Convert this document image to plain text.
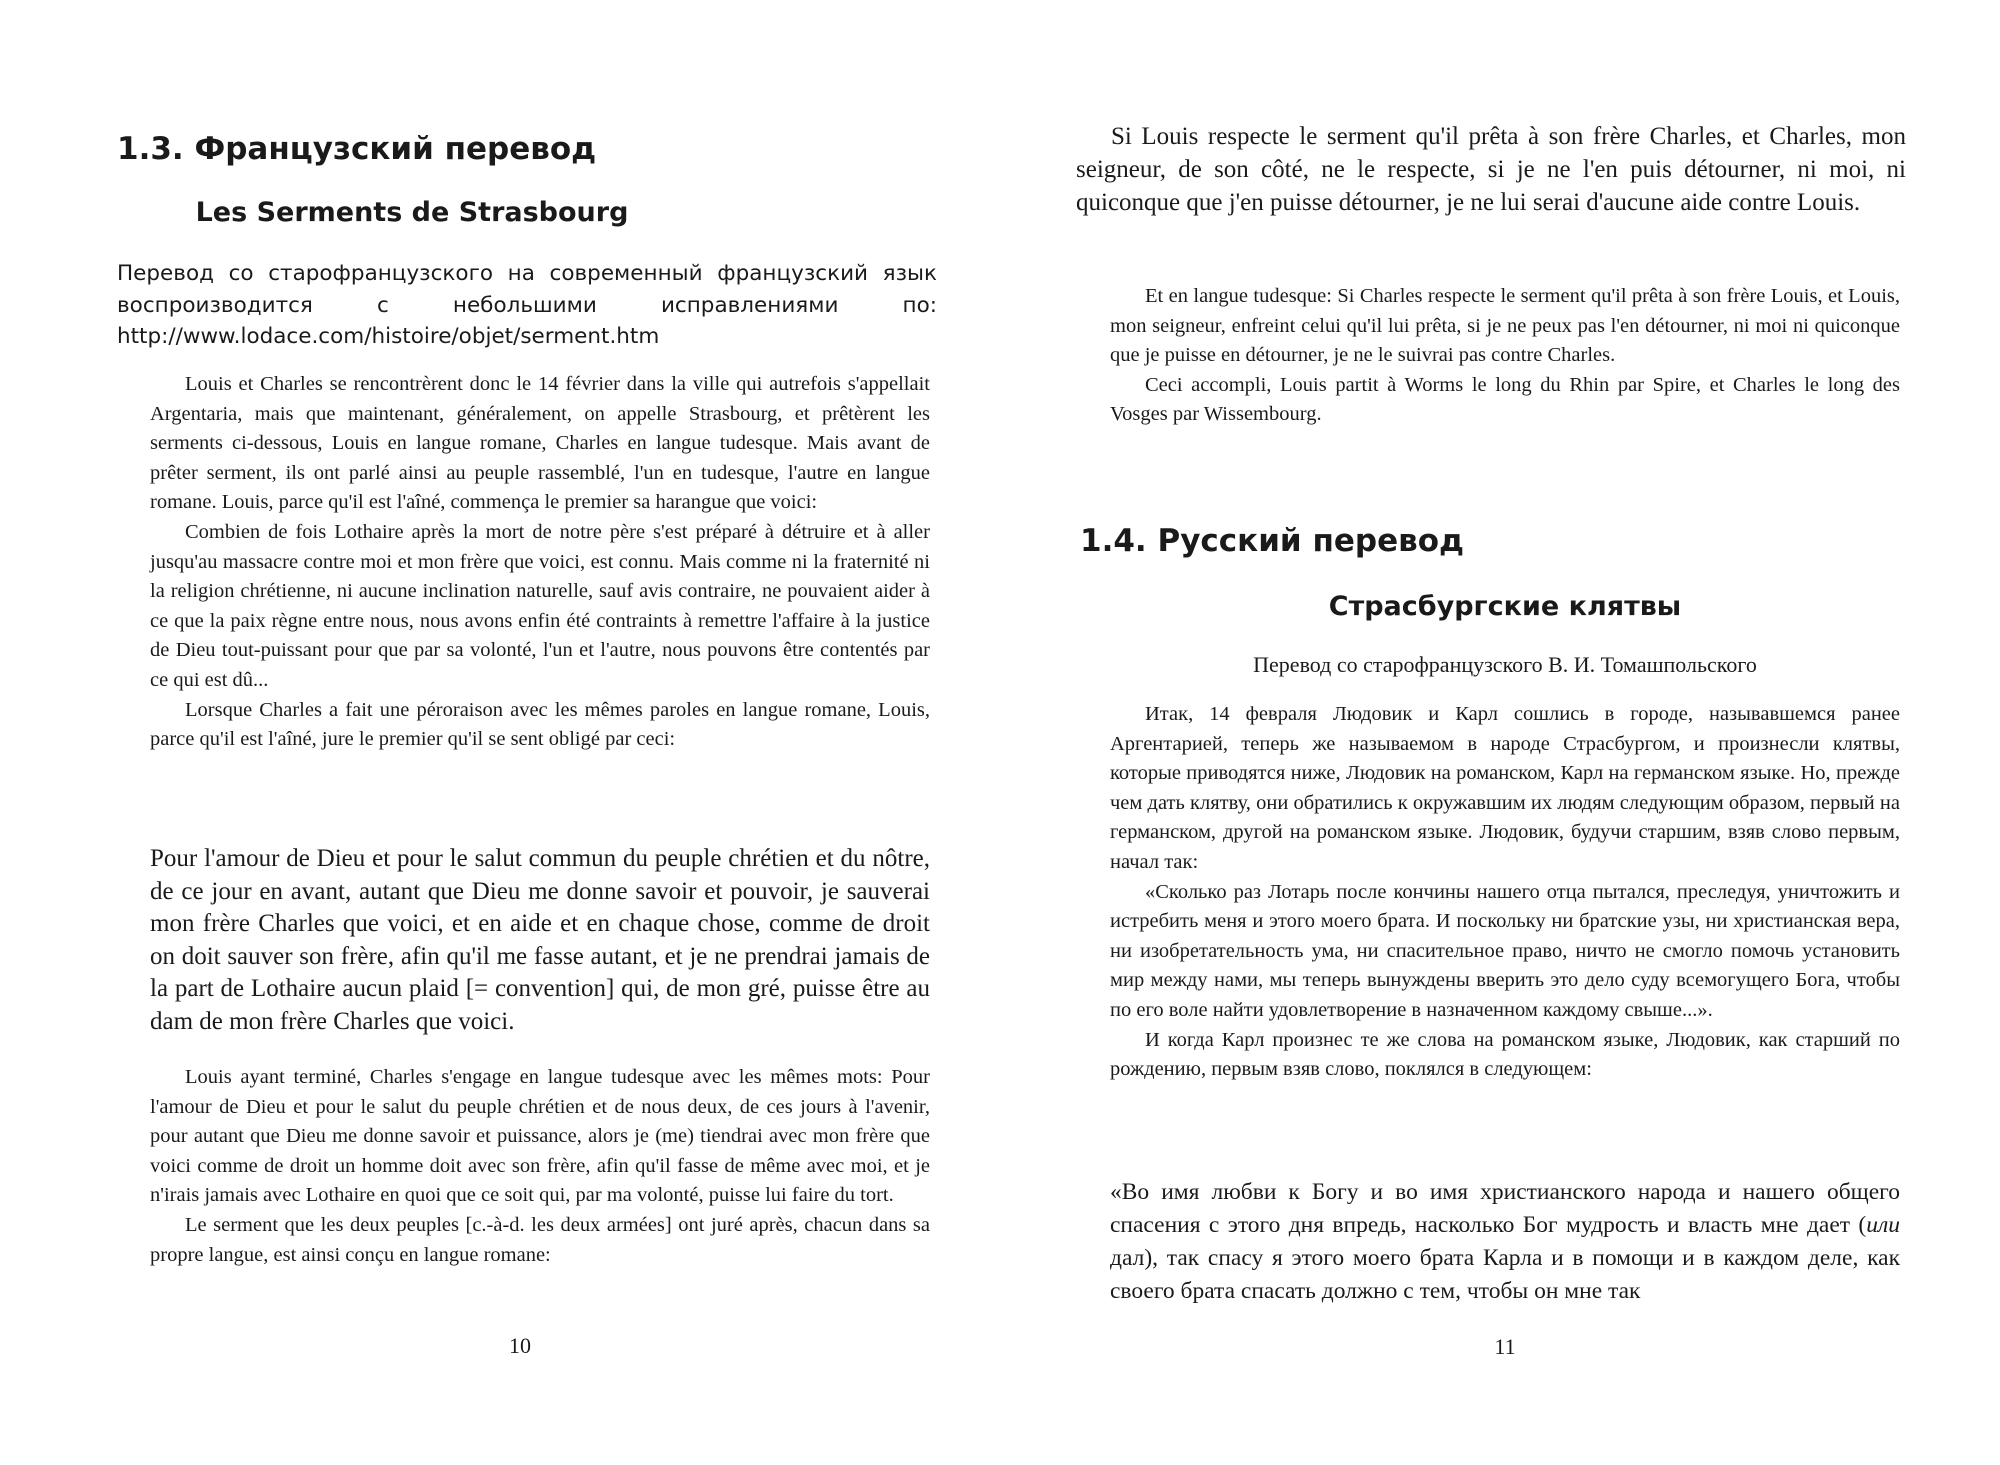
1.3. Французский перевод
Les Serments de Strasbourg

Перевод со старофранцузского на современный французский язык воспроизводится с небольшими исправлениями по: http://www.lodace.com/histoire/objet/serment.htm

Louis et Charles se rencontrèrent donc le 14 février dans la ville qui autrefois s'appellait Argentaria, mais que maintenant, généralement, on appelle Strasbourg, et prêtèrent les serments ci-dessous, Louis en langue romane, Charles en langue tudesque. Mais avant de prêter serment, ils ont parlé ainsi au peuple rassemblé, l'un en tudesque, l'autre en langue romane. Louis, parce qu'il est l'aîné, commença le premier sa harangue que voici:

Combien de fois Lothaire après la mort de notre père s'est préparé à détruire et à aller jusqu'au massacre contre moi et mon frère que voici, est connu. Mais comme ni la fraternité ni la religion chrétienne, ni aucune inclination naturelle, sauf avis contraire, ne pouvaient aider à ce que la paix règne entre nous, nous avons enfin été contraints à remettre l'affaire à la justice de Dieu tout-puissant pour que par sa volonté, l'un et l'autre, nous pouvons être contentés par ce qui est dû...

Lorsque Charles a fait une péroraison avec les mêmes paroles en langue romane, Louis, parce qu'il est l'aîné, jure le premier qu'il se sent obligé par ceci:

Pour l'amour de Dieu et pour le salut commun du peuple chrétien et du nôtre, de ce jour en avant, autant que Dieu me donne savoir et pouvoir, je sauverai mon frère Charles que voici, et en aide et en chaque chose, comme de droit on doit sauver son frère, afin qu'il me fasse autant, et je ne prendrai jamais de la part de Lothaire aucun plaid [= convention] qui, de mon gré, puisse être au dam de mon frère Charles que voici.

Louis ayant terminé, Charles s'engage en langue tudesque avec les mêmes mots: Pour l'amour de Dieu et pour le salut du peuple chrétien et de nous deux, de ces jours à l'avenir, pour autant que Dieu me donne savoir et puissance, alors je (me) tiendrai avec mon frère que voici comme de droit un homme doit avec son frère, afin qu'il fasse de même avec moi, et je n'irais jamais avec Lothaire en quoi que ce soit qui, par ma volonté, puisse lui faire du tort.

Le serment que les deux peuples [c.-à-d. les deux armées] ont juré après, chacun dans sa propre langue, est ainsi conçu en langue romane:

10

Si Louis respecte le serment qu'il prêta à son frère Charles, et Charles, mon seigneur, de son côté, ne le respecte, si je ne l'en puis détourner, ni moi, ni quiconque que j'en puisse détourner, je ne lui serai d'aucune aide contre Louis.

Et en langue tudesque: Si Charles respecte le serment qu'il prêta à son frère Louis, et Louis, mon seigneur, enfreint celui qu'il lui prêta, si je ne peux pas l'en détourner, ni moi ni quiconque que je puisse en détourner, je ne le suivrai pas contre Charles.

Ceci accompli, Louis partit à Worms le long du Rhin par Spire, et Charles le long des Vosges par Wissembourg.

1.4. Русский перевод
Страсбургские клятвы
Перевод со старофранцузского В. И. Томашпольского

Итак, 14 февраля Людовик и Карл сошлись в городе, называвшемся ранее Аргентарией, теперь же называемом в народе Страсбургом, и произнесли клятвы, которые приводятся ниже, Людовик на романском, Карл на германском языке. Но, прежде чем дать клятву, они обратились к окружавшим их людям следующим образом, первый на германском, другой на романском языке. Людовик, будучи старшим, взяв слово первым, начал так:

«Сколько раз Лотарь после кончины нашего отца пытался, преследуя, уничтожить и истребить меня и этого моего брата. И поскольку ни братские узы, ни христианская вера, ни изобретательность ума, ни спасительное право, ничто не смогло помочь установить мир между нами, мы теперь вынуждены вверить это дело суду всемогущего Бога, чтобы по его воле найти удовлетворение в назначенном каждому свыше...».

И когда Карл произнес те же слова на романском языке, Людовик, как старший по рождению, первым взяв слово, поклялся в следующем:

«Во имя любви к Богу и во имя христианского народа и нашего общего спасения с этого дня впредь, насколько Бог мудрость и власть мне дает (или дал), так спасу я этого моего брата Карла и в помощи и в каждом деле, как своего брата спасать должно с тем, чтобы он мне так

11
